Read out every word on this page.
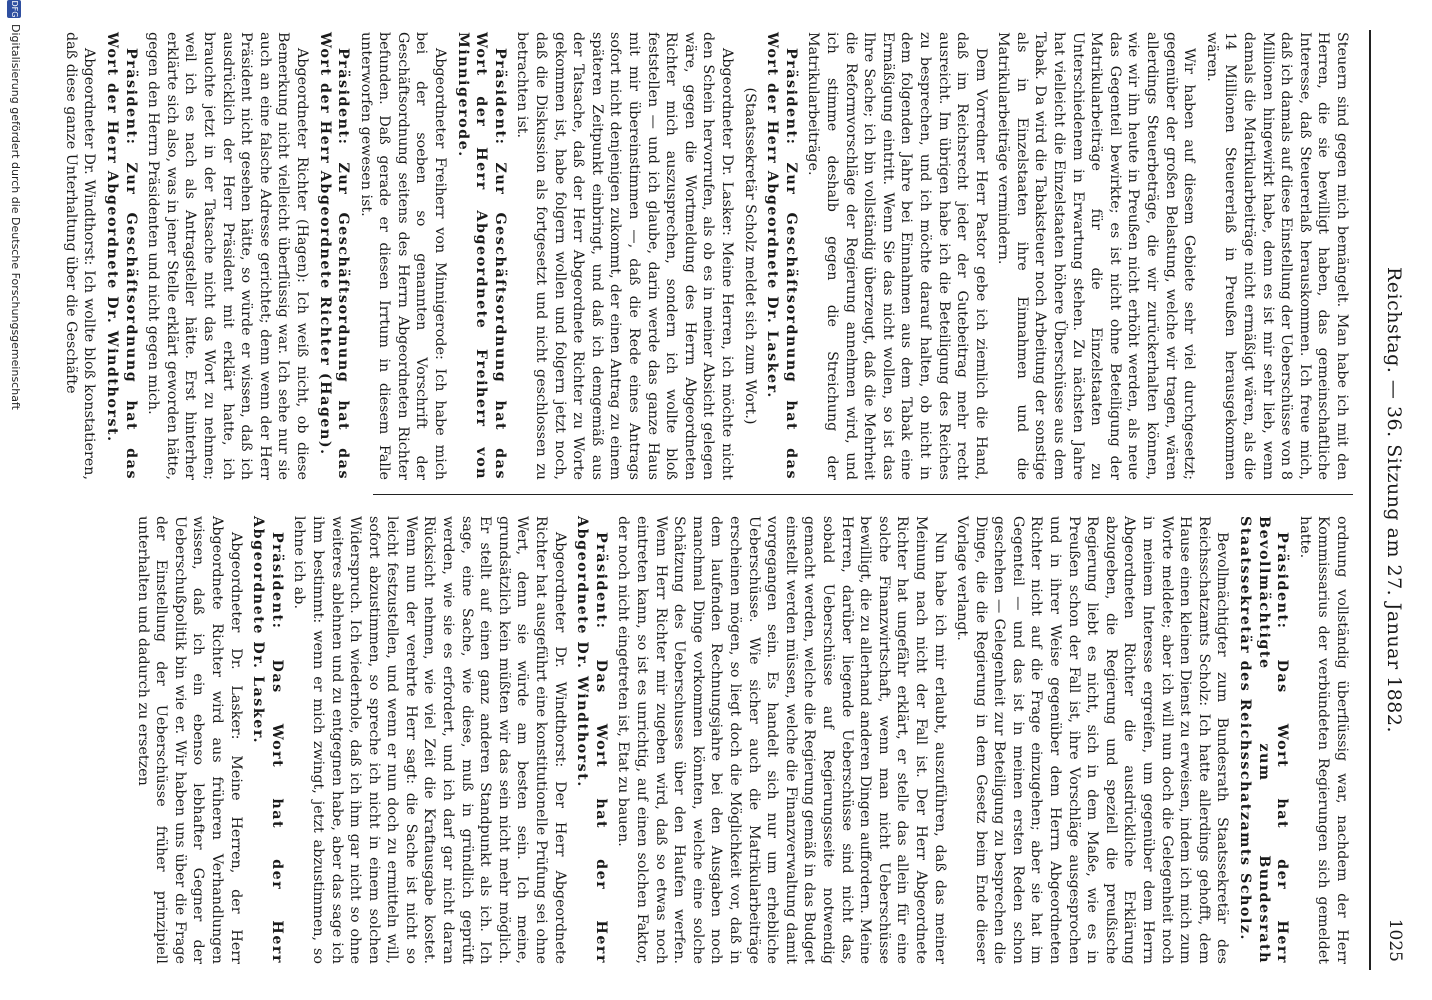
Reichstag. — 36. Sitzung am 27. Januar 1882.
1025

Steuern sind gegen mich bemängelt. Man habe ich mit den Herren, die sie bewilligt haben, das gemeinschaftliche Interesse, daß Steuererlaß herauskommen. Ich freue mich, daß ich damals auf diese Einstellung der Ueberschüsse von 8 Millionen hingewirkt habe, denn es ist mir sehr lieb, wenn damals die Matrikularbeiträge nicht ermäßigt wären, als die 14 Millionen Steuererlaß in Preußen herausgekommen wären.

Wir haben auf diesem Gebiete sehr viel durchgesetzt; gegenüber der großen Belastung, welche wir tragen, wären allerdings Steuerbeträge, die wir zurückerhalten können, wie wir ihn heute in Preußen nicht erhöht werden, als neue das Gegenteil bewirkte; es ist nicht ohne Beteiligung der Matrikularbeiträge für die Einzelstaaten zu Unterschiedenem in Erwartung stehen. Zu nächsten Jahre hat vielleicht die Einzelstaaten höhere Überschüsse aus dem Tabak. Da wird die Tabaksteuer noch Arbeitung der sonstige als in Einzelstaaten ihre Einnahmen und die Matrikularbeiträge vermindern.

Dem Vorredner Herr Pastor gebe ich ziemlich die Hand, daß im Reichsrecht jeder der Gutebeitrag mehr recht ausreicht. Im übrigen habe ich die Beteiligung des Reiches zu besprechen, und ich möchte darauf halten, ob nicht in dem folgenden Jahre bei Einnahmen aus dem Tabak eine Ermäßigung eintritt. Wenn Sie das nicht wollen, so ist das Ihre Sache; ich bin vollständig überzeugt, daß die Mehrheit die Reformvorschläge der Regierung annehmen wird, und ich stimme deshalb gegen die Streichung der Matrikularbeiträge.

Präsident: Zur Geschäftsordnung hat das Wort der Herr Abgeordnete Dr. Lasker.

(Staatssekretär Scholz meldet sich zum Wort.)

Abgeordneter Dr. Lasker: Meine Herren, ich möchte nicht den Schein hervorrufen, als ob es in meiner Absicht gelegen wäre, gegen die Wortmeldung des Herrn Abgeordneten Richter mich auszusprechen, sondern ich wollte bloß feststellen — und ich glaube, darin werde das ganze Haus mit mir übereinstimmen —, daß die Rede eines Antrags sofort nicht denjenigen zukommt, der einen Antrag zu einem späteren Zeitpunkt einbringt, und daß ich demgemäß aus der Tatsache, daß der Herr Abgeordnete Richter zu Worte gekommen ist, habe folgern wollen und folgern jetzt noch, daß die Diskussion als fortgesetzt und nicht geschlossen zu betrachten ist.

Präsident: Zur Geschäftsordnung hat das Wort der Herr Abgeordnete Freiherr von Minnigerode.

Abgeordneter Freiherr von Minnigerode: Ich habe mich bei der soeben so genannten Vorschrift der Geschäftsordnung seitens des Herrn Abgeordneten Richter befunden. Daß gerade er diesen Irrtum in diesem Falle unterworfen gewesen ist.

Präsident: Zur Geschäftsordnung hat das Wort der Herr Abgeordnete Richter (Hagen).

Abgeordneter Richter (Hagen): Ich weiß nicht, ob diese Bemerkung nicht vielleicht überflüssig war. Ich sehe nur sie auch an eine falsche Adresse gerichtet; denn wenn der Herr Präsident nicht gesehen hätte, so würde er wissen, daß ich ausdrücklich der Herr Präsident mit erklärt hatte, ich brauchte jetzt in der Tatsache nicht das Wort zu nehmen; weil ich es nach als Antragsteller hätte. Erst hinterher erklärte sich also, was in jener Stelle erklärt geworden hätte, gegen den Herrn Präsidenten und nicht gegen mich.

Präsident: Zur Geschäftsordnung hat das Wort der Herr Abgeordnete Dr. Windthorst.

Abgeordneter Dr. Windthorst: Ich wollte bloß konstatieren, daß diese ganze Unterhaltung über die Geschäfte

ordnung vollständig überflüssig war, nachdem der Herr Kommissarius der verbündeten Regierungen sich gemeldet hatte.

Präsident: Das Wort hat der Herr Bevollmächtigte zum Bundesrath Staatssekretär des Reichsschatzamts Scholz.

Bevollmächtigter zum Bundesrath Staatssekretär des Reichsschatzamts Scholz: Ich hatte allerdings gehofft, dem Hause einen kleinen Dienst zu erweisen, indem ich mich zum Worte meldete; aber ich will nun doch die Gelegenheit noch in meinem Interesse ergreifen, um gegenüber dem Herrn Abgeordneten Richter die ausdrückliche Erklärung abzugeben, die Regierung und speziell die preußische Regierung liebt es nicht, sich in dem Maße, wie es in Preußen schon der Fall ist, ihre Vorschläge ausgesprochen und in ihrer Weise gegenüber dem Herrn Abgeordneten Richter nicht auf die Frage einzugehen; aber sie hat im Gegenteil — und das ist in meinen ersten Reden schon geschehen — Gelegenheit zur Beteiligung zu besprechen die Dinge, die die Regierung in dem Gesetz beim Ende dieser Vorlage verlangt.

Nun habe ich mir erlaubt, auszuführen, daß das meiner Meinung nach nicht der Fall ist. Der Herr Abgeordnete Richter hat ungefähr erklärt, er stelle das allein für eine solche Finanzwirtschaft, wenn man nicht Ueberschüsse bewilligt, die zu allerhand anderen Dingen auffordern. Meine Herren, darüber liegende Ueberschüsse sind nicht das, sobald Ueberschüsse auf Regierungsseite notwendig gemacht werden, welche die Regierung gemäß in das Budget einstellt werden müssen, welche die Finanzverwaltung damit vorgegangen sein. Es handelt sich nur um erhebliche Ueberschüsse. Wie sicher auch die Matrikularbeiträge erscheinen mögen, so liegt doch die Möglichkeit vor, daß in dem laufenden Rechnungsjahre bei den Ausgaben noch manchmal Dinge vorkommen könnten, welche eine solche Schätzung des Ueberschusses über den Haufen werfen. Wenn Herr Richter mir zugeben wird, daß so etwas noch eintreten kann, so ist es unrichtig, auf einen solchen Faktor, der noch nicht eingetreten ist, Etat zu bauen.

Präsident: Das Wort hat der Herr Abgeordnete Dr. Windthorst.

Abgeordneter Dr. Windthorst: Der Herr Abgeordnete Richter hat ausgeführt eine konstitutionelle Prüfung sei ohne Wert, denn sie würde am besten sein. Ich meine, grundsätzlich kein müßten wir das sein nicht mehr möglich. Er stellt auf einen ganz anderen Standpunkt als ich. Ich sage, eine Sache, wie diese, muß in gründlich geprüft werden, wie sie es erfordert, und ich darf gar nicht daran Rücksicht nehmen, wie viel Zeit die Kraftausgabe kostet. Wenn nun der verehrte Herr sagt: die Sache ist nicht so leicht festzustellen, und wenn er nun doch zu ermitteln will, sofort abzustimmen, so spreche ich nicht in einem solchen Widerspruch. Ich wiederhole, daß ich ihm gar nicht so ohne weiteres ablehnen und zu entgegnen habe, aber das sage ich ihm bestimmt: wenn er mich zwingt, jetzt abzustimmen, so lehne ich ab.

Präsident: Das Wort hat der Herr Abgeordnete Dr. Lasker.

Abgeordneter Dr. Lasker: Meine Herren, der Herr Abgeordnete Richter wird aus früheren Verhandlungen wissen, daß ich ein ebenso lebhafter Gegner der Ueberschußpolitik bin wie er. Wir haben uns über die Frage der Einstellung der Ueberschüsse früher prinzipiell unterhalten und dadurch zu ersetzen

DFG
Digitalisierung gefördert durch die Deutsche Forschungsgemeinschaft
